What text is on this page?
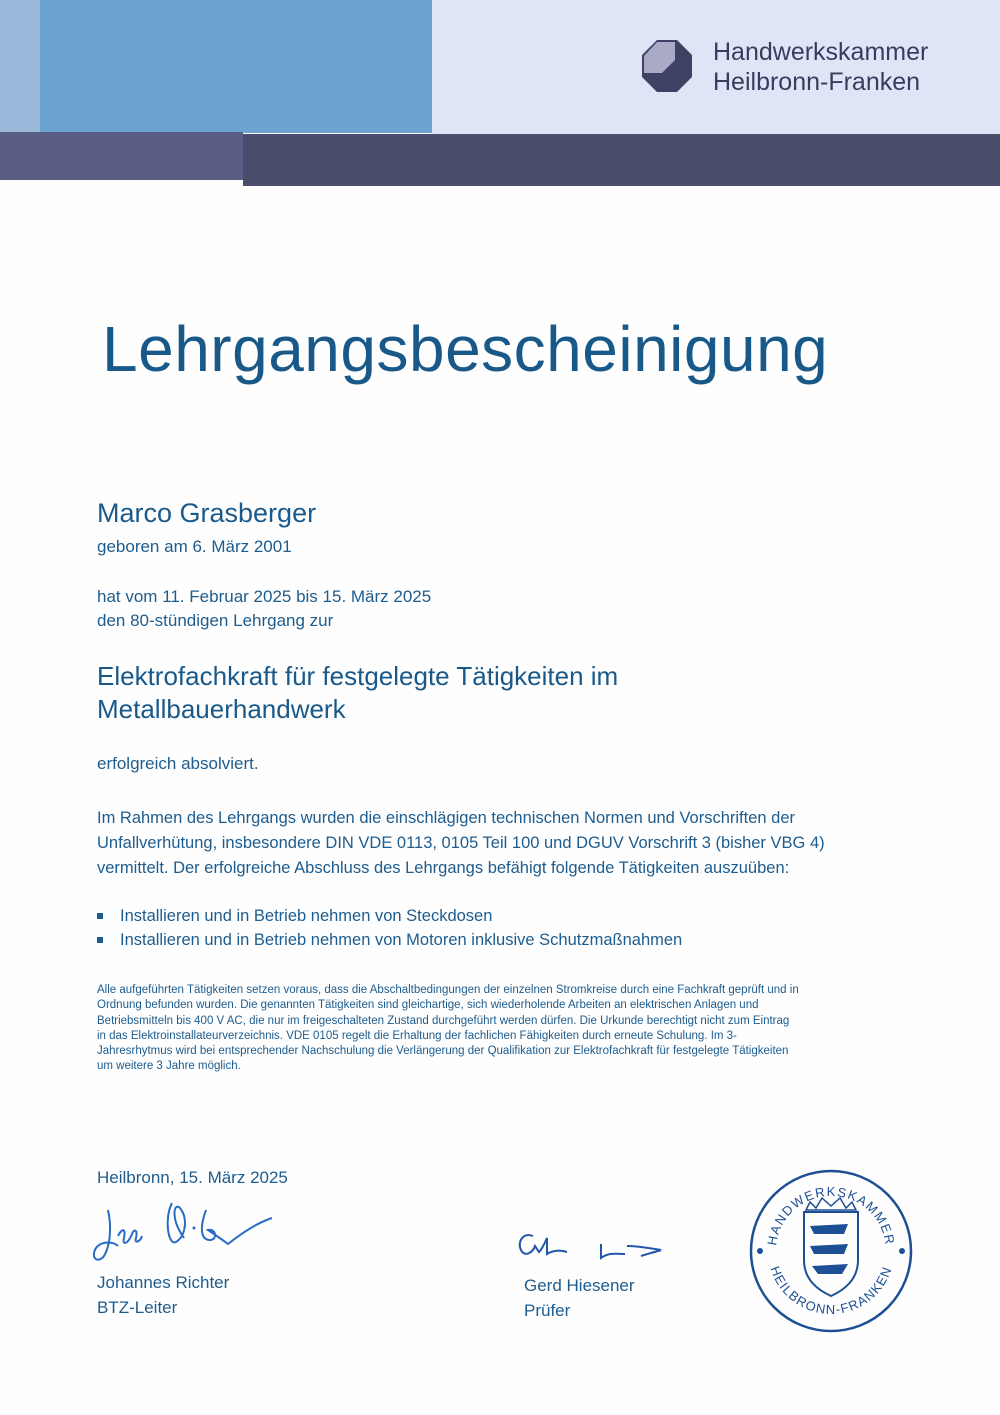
Handwerkskammer
Heilbronn-Franken
Lehrgangsbescheinigung
Marco Grasberger
geboren am 6. März 2001
hat vom 11. Februar 2025 bis 15. März 2025
den 80-stündigen Lehrgang zur
Elektrofachkraft für festgelegte Tätigkeiten im
Metallbauerhandwerk
erfolgreich absolviert.
Im Rahmen des Lehrgangs wurden die einschlägigen technischen Normen und Vorschriften der
Unfallverhütung, insbesondere DIN VDE 0113, 0105 Teil 100 und DGUV Vorschrift 3 (bisher VBG 4)
vermittelt. Der erfolgreiche Abschluss des Lehrgangs befähigt folgende Tätigkeiten auszuüben:
Installieren und in Betrieb nehmen von Steckdosen
Installieren und in Betrieb nehmen von Motoren inklusive Schutzmaßnahmen
Alle aufgeführten Tätigkeiten setzen voraus, dass die Abschaltbedingungen der einzelnen Stromkreise durch eine Fachkraft geprüft und in
Ordnung befunden wurden. Die genannten Tätigkeiten sind gleichartige, sich wiederholende Arbeiten an elektrischen Anlagen und
Betriebsmitteln bis 400 V AC, die nur im freigeschalteten Zustand durchgeführt werden dürfen. Die Urkunde berechtigt nicht zum Eintrag
in das Elektroinstallateurverzeichnis. VDE 0105 regelt die Erhaltung der fachlichen Fähigkeiten durch erneute Schulung. Im 3-
Jahresrhytmus wird bei entsprechender Nachschulung die Verlängerung der Qualifikation zur Elektrofachkraft für festgelegte Tätigkeiten
um weitere 3 Jahre möglich.
Heilbronn, 15. März 2025
Johannes Richter
BTZ-Leiter
Gerd Hiesener
Prüfer
HANDWERKSKAMMER
HEILBRONN-FRANKEN
